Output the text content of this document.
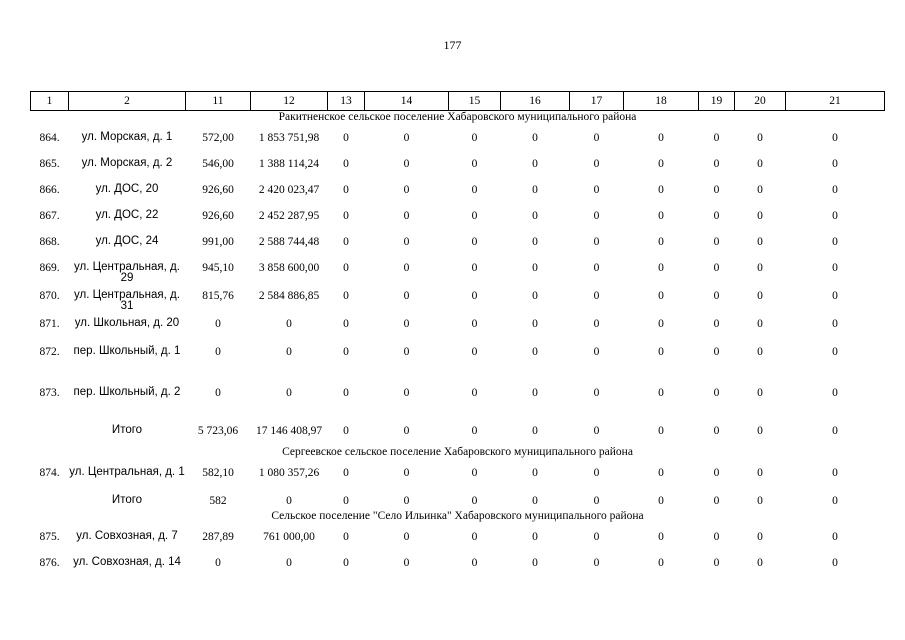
177
1	2	11	12	13	14	15	16	17	18	19	20	21
Ракитненское сельское поселение Хабаровского муниципального района												
864.	ул. Морская, д. 1	572,00	1 853 751,98	0	0	0	0	0	0	0	0	0
865.	ул. Морская, д. 2	546,00	1 388 114,24	0	0	0	0	0	0	0	0	0
866.	ул. ДОС, 20	926,60	2 420 023,47	0	0	0	0	0	0	0	0	0
867.	ул. ДОС, 22	926,60	2 452 287,95	0	0	0	0	0	0	0	0	0
868.	ул. ДОС, 24	991,00	2 588 744,48	0	0	0	0	0	0	0	0	0
869.	ул. Центральная, д. 29	945,10	3 858 600,00	0	0	0	0	0	0	0	0	0
870.	ул. Центральная, д. 31	815,76	2 584 886,85	0	0	0	0	0	0	0	0	0
871.	ул. Школьная, д. 20	0	0	0	0	0	0	0	0	0	0	0
872.	пер. Школьный, д. 1	0	0	0	0	0	0	0	0	0	0	0
873.	пер. Школьный, д. 2	0	0	0	0	0	0	0	0	0	0	0
	Итого	5 723,06	17 146 408,97	0	0	0	0	0	0	0	0	0
Сергеевское сельское поселение Хабаровского муниципального района												
874.	ул. Центральная, д. 1	582,10	1 080 357,26	0	0	0	0	0	0	0	0	0
	Итого	582	0	0	0	0	0	0	0	0	0	0
Сельское поселение "Село Ильинка" Хабаровского муниципального района												
875.	ул. Совхозная, д. 7	287,89	761 000,00	0	0	0	0	0	0	0	0	0
876.	ул. Совхозная, д. 14	0	0	0	0	0	0	0	0	0	0	0
